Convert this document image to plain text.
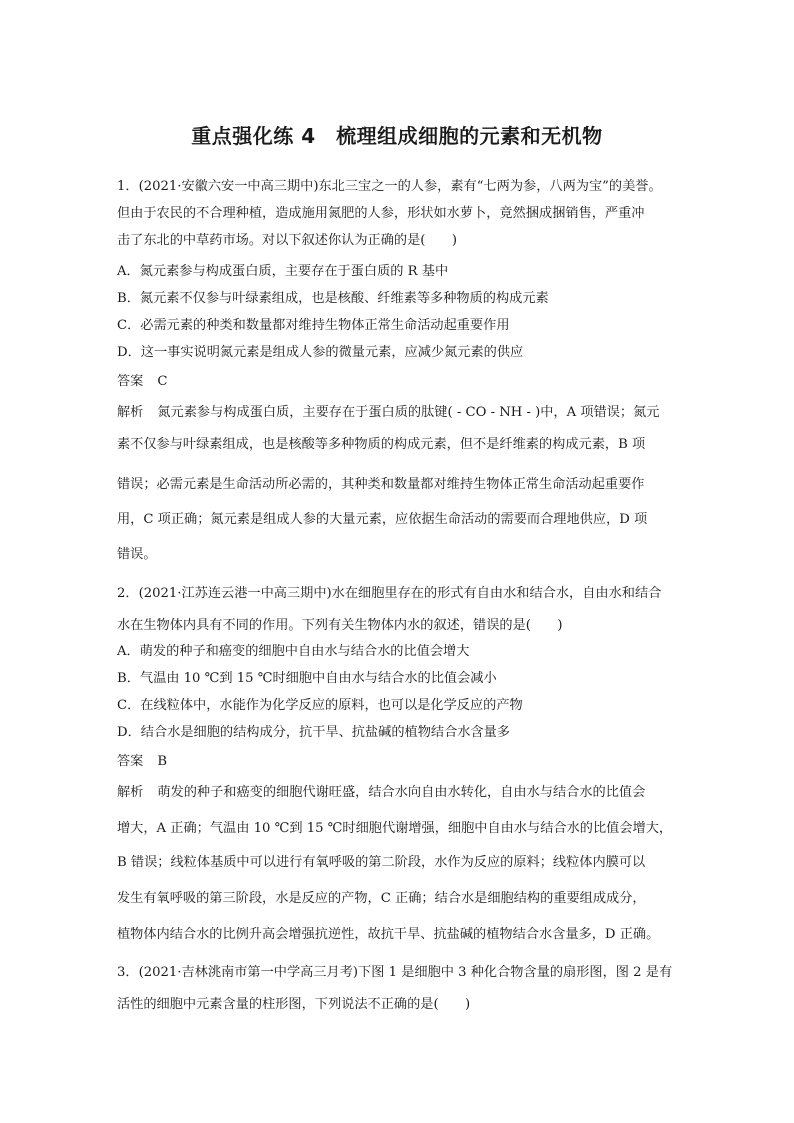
重点强化练 4　梳理组成细胞的元素和无机物
1．(2021·安徽六安一中高三期中)东北三宝之一的人参，素有“七两为参，八两为宝”的美誉。
但由于农民的不合理种植，造成施用氮肥的人参，形状如水萝卜，竟然捆成捆销售，严重冲
击了东北的中草药市场。对以下叙述你认为正确的是(　　)
A．氮元素参与构成蛋白质，主要存在于蛋白质的 R 基中
B．氮元素不仅参与叶绿素组成，也是核酸、纤维素等多种物质的构成元素
C．必需元素的种类和数量都对维持生物体正常生命活动起重要作用
D．这一事实说明氮元素是组成人参的微量元素，应减少氮元素的供应
答案 C
解析 氮元素参与构成蛋白质，主要存在于蛋白质的肽键( - CO - NH - )中，A 项错误；氮元
素不仅参与叶绿素组成，也是核酸等多种物质的构成元素，但不是纤维素的构成元素，B 项
错误；必需元素是生命活动所必需的，其种类和数量都对维持生物体正常生命活动起重要作
用，C 项正确；氮元素是组成人参的大量元素，应依据生命活动的需要而合理地供应，D 项
错误。
2．(2021·江苏连云港一中高三期中)水在细胞里存在的形式有自由水和结合水，自由水和结合
水在生物体内具有不同的作用。下列有关生物体内水的叙述，错误的是(　　)
A．萌发的种子和癌变的细胞中自由水与结合水的比值会增大
B．气温由 10 ℃到 15 ℃时细胞中自由水与结合水的比值会减小
C．在线粒体中，水能作为化学反应的原料，也可以是化学反应的产物
D．结合水是细胞的结构成分，抗干旱、抗盐碱的植物结合水含量多
答案 B
解析 萌发的种子和癌变的细胞代谢旺盛，结合水向自由水转化，自由水与结合水的比值会
增大，A 正确；气温由 10 ℃到 15 ℃时细胞代谢增强，细胞中自由水与结合水的比值会增大，
B 错误；线粒体基质中可以进行有氧呼吸的第二阶段，水作为反应的原料；线粒体内膜可以
发生有氧呼吸的第三阶段，水是反应的产物，C 正确；结合水是细胞结构的重要组成成分，
植物体内结合水的比例升高会增强抗逆性，故抗干旱、抗盐碱的植物结合水含量多，D 正确。
3．(2021·吉林洮南市第一中学高三月考)下图 1 是细胞中 3 种化合物含量的扇形图，图 2 是有
活性的细胞中元素含量的柱形图，下列说法不正确的是(　　)
